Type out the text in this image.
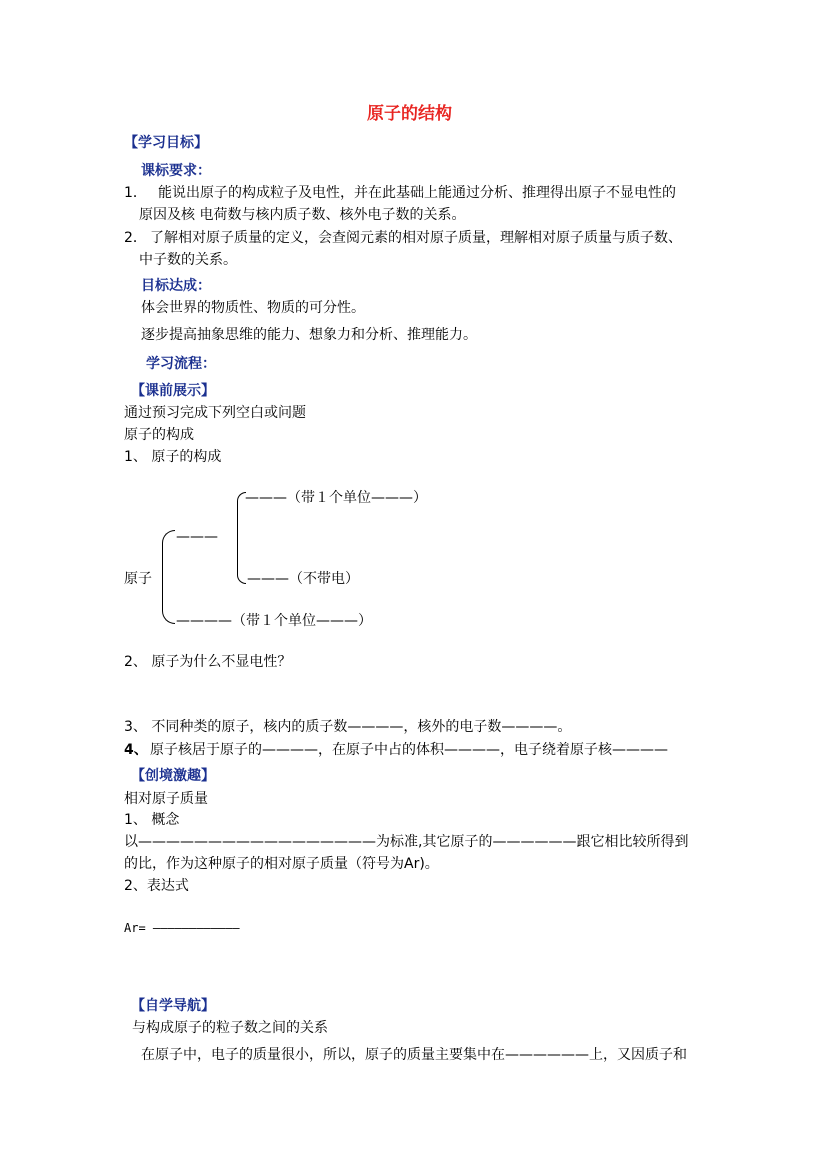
原子的结构
【学习目标】
课标要求：
1． 能说出原子的构成粒子及电性，并在此基础上能通过分析、推理得出原子不显电性的
原因及核 电荷数与核内质子数、核外电子数的关系。
2． 了解相对原子质量的定义，会查阅元素的相对原子质量，理解相对原子质量与质子数、
中子数的关系。
目标达成：
体会世界的物质性、物质的可分性。
逐步提高抽象思维的能力、想象力和分析、推理能力。
学习流程：
【课前展示】
通过预习完成下列空白或问题
原子的构成
1、 原子的构成
原子
———
———（带１个单位———）
———（不带电）
————（带１个单位———）
2、 原子为什么不显电性？
3、 不同种类的原子，核内的质子数————，核外的电子数————。
4、 原子核居于原子的————，在原子中占的体积————，电子绕着原子核————
【创境激趣】
相对原子质量
1、 概念
以—————————————————为标准,其它原子的——————跟它相比较所得到
的比，作为这种原子的相对原子质量（符号为Ar)。
2、表达式
Ar= ————————————
【自学导航】
与构成原子的粒子数之间的关系
在原子中，电子的质量很小，所以，原子的质量主要集中在——————上，又因质子和
